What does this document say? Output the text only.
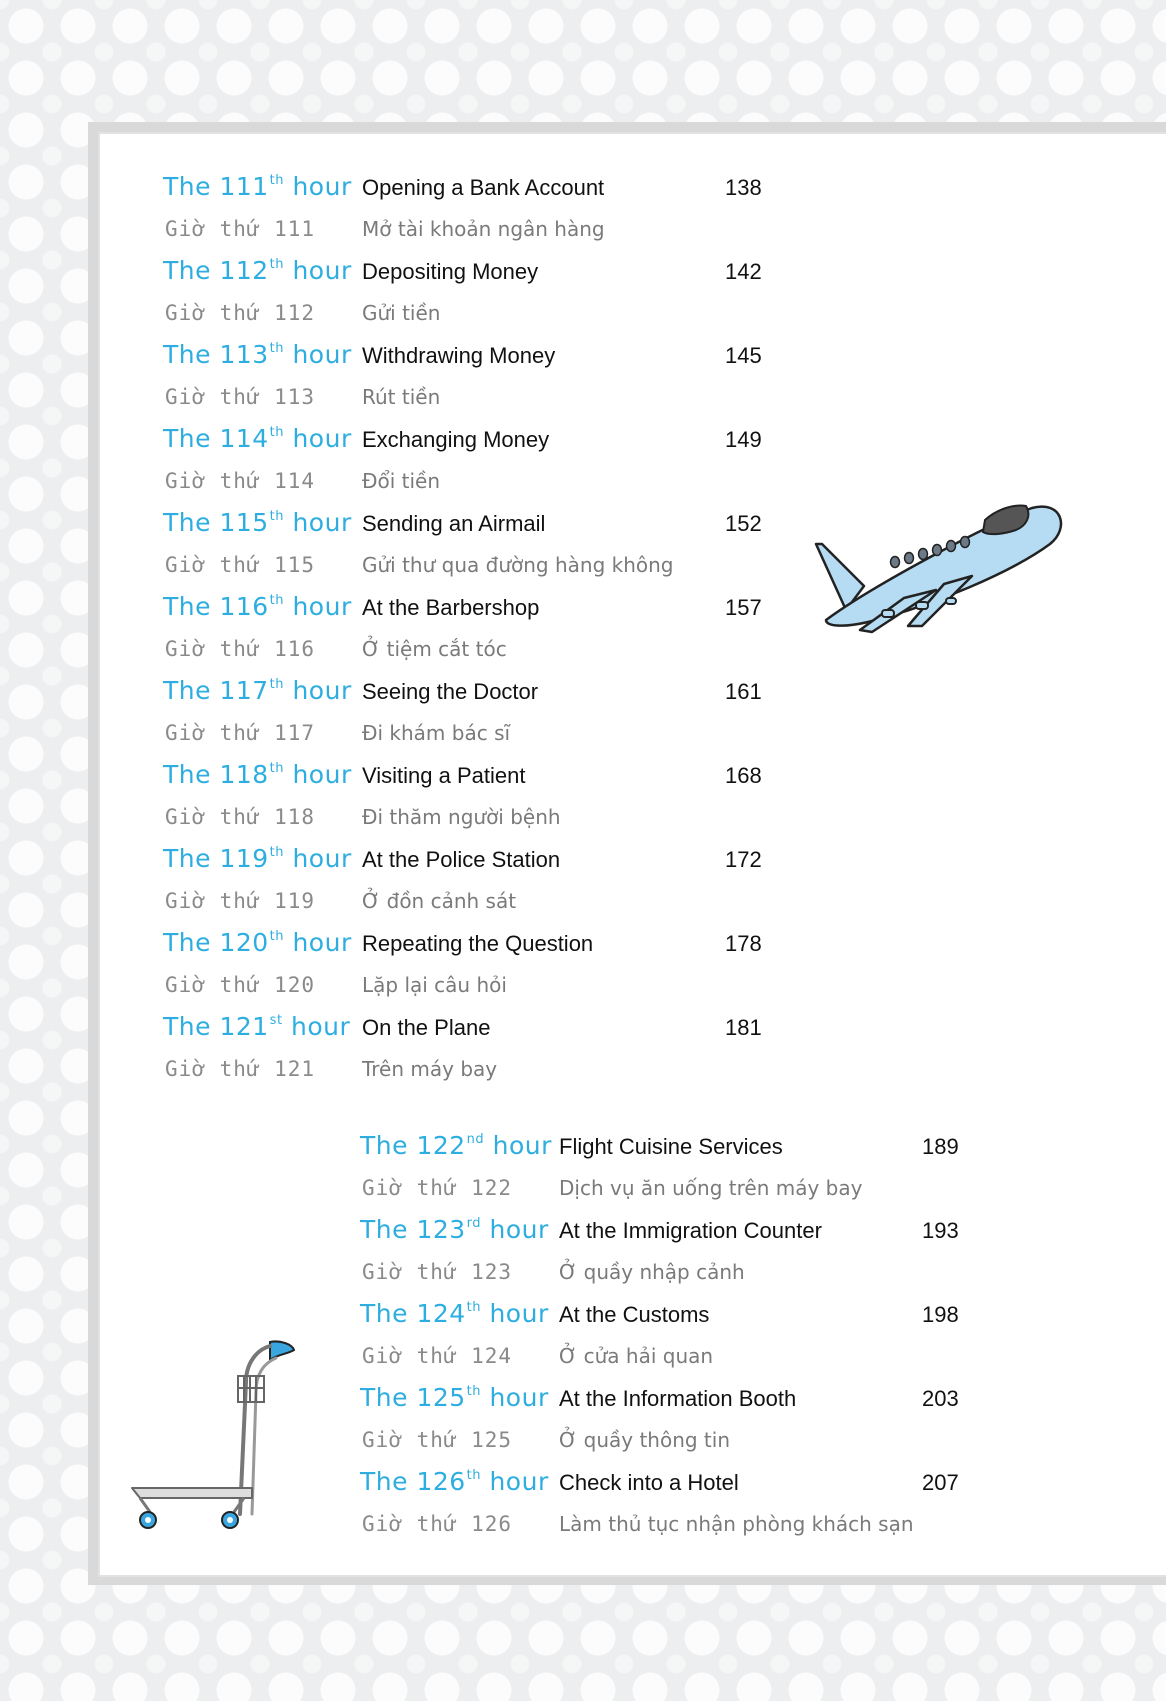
The 111th hour Opening a Bank Account	138
Giờ thứ 111 Mở tài khoản ngân hàng
The 112th hour Depositing Money	142
Giờ thứ 112 Gửi tiền
The 113th hour Withdrawing Money	145
Giờ thứ 113 Rút tiền
The 114th hour Exchanging Money	149
Giờ thứ 114 Đổi tiền
The 115th hour Sending an Airmail	152
Giờ thứ 115 Gửi thư qua đường hàng không
The 116th hour At the Barbershop	157
Giờ thứ 116 Ở tiệm cắt tóc
The 117th hour Seeing the Doctor	161
Giờ thứ 117 Đi khám bác sĩ
The 118th hour Visiting a Patient	168
Giờ thứ 118 Đi thăm người bệnh
The 119th hour At the Police Station	172
Giờ thứ 119 Ở đồn cảnh sát
The 120th hour Repeating the Question	178
Giờ thứ 120 Lặp lại câu hỏi
The 121st hour On the Plane	181
Giờ thứ 121 Trên máy bay
The 122nd hour Flight Cuisine Services	189
Giờ thứ 122 Dịch vụ ăn uống trên máy bay
The 123rd hour At the Immigration Counter	193
Giờ thứ 123 Ở quầy nhập cảnh
The 124th hour At the Customs	198
Giờ thứ 124 Ở cửa hải quan
The 125th hour At the Information Booth	203
Giờ thứ 125 Ở quầy thông tin
The 126th hour Check into a Hotel	207
Giờ thứ 126 Làm thủ tục nhận phòng khách sạn
